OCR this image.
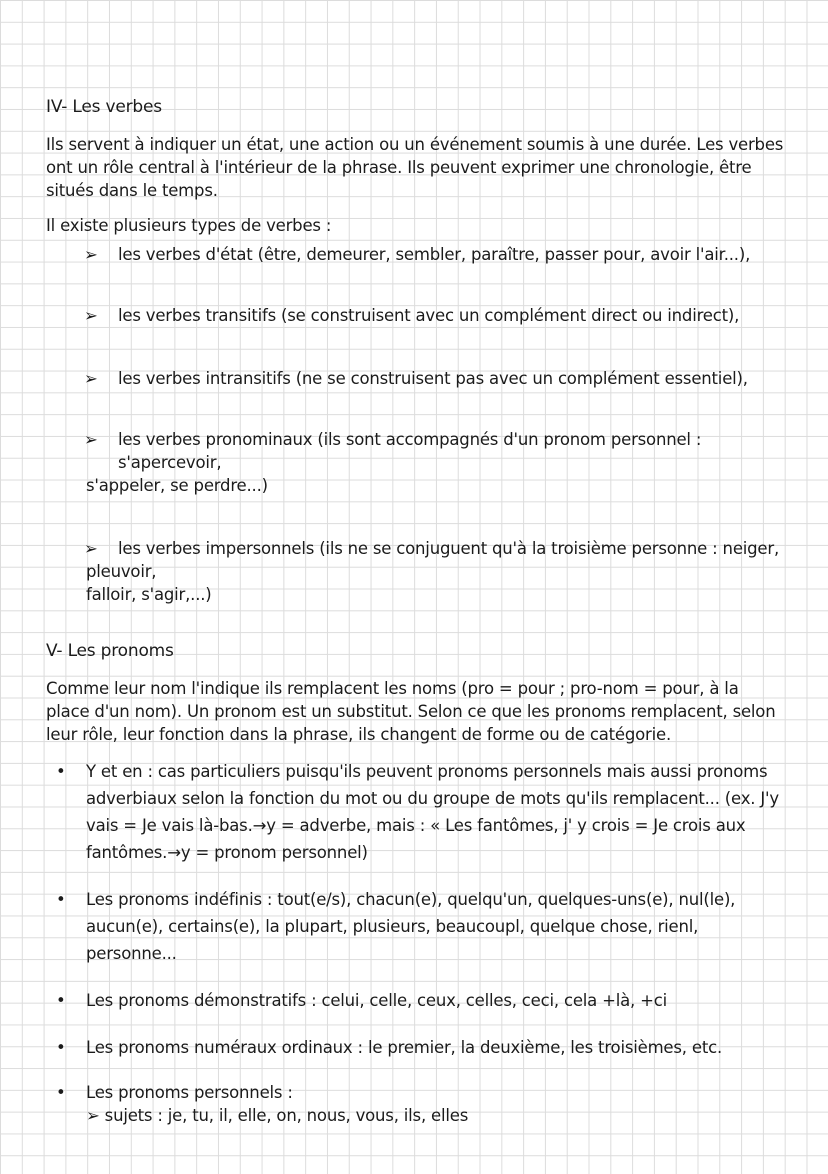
IV- Les verbes

Ils servent à indiquer un état, une action ou un événement soumis à une durée. Les verbes ont un rôle central à l'intérieur de la phrase. Ils peuvent exprimer une chronologie, être situés dans le temps.

Il existe plusieurs types de verbes :

➢	les verbes d'état (être, demeurer, sembler, paraître, passer pour, avoir l'air...),
➢	les verbes transitifs (se construisent avec un complément direct ou indirect),
➢	les verbes intransitifs (ne se construisent pas avec un complément essentiel),
➢	les verbes pronominaux (ils sont accompagnés d'un pronom personnel : s'apercevoir,
s'appeler, se perdre...)
➢	les verbes impersonnels (ils ne se conjuguent qu'à la troisième personne : neiger,
pleuvoir,
falloir, s'agir,...)
V- Les pronoms

Comme leur nom l'indique ils remplacent les noms (pro = pour ; pro-nom = pour, à la place d'un nom). Un pronom est un substitut. Selon ce que les pronoms remplacent, selon leur rôle, leur fonction dans la phrase, ils changent de forme ou de catégorie.

• Y et en : cas particuliers puisqu'ils peuvent pronoms personnels mais aussi pronoms adverbiaux selon la fonction du mot ou du groupe de mots qu'ils remplacent... (ex. J'y vais = Je vais là-bas.→y = adverbe, mais : « Les fantômes, j' y crois = Je crois aux fantômes.→y = pronom personnel)
• Les pronoms indéfinis : tout(e/s), chacun(e), quelqu'un, quelques-uns(e), nul(le), aucun(e), certains(e), la plupart, plusieurs, beaucoupl, quelque chose, rienl, personne...
• Les pronoms démonstratifs : celui, celle, ceux, celles, ceci, cela +là, +ci
• Les pronoms numéraux ordinaux : le premier, la deuxième, les troisièmes, etc.
• Les pronoms personnels :
➢ sujets : je, tu, il, elle, on, nous, vous, ils, elles
